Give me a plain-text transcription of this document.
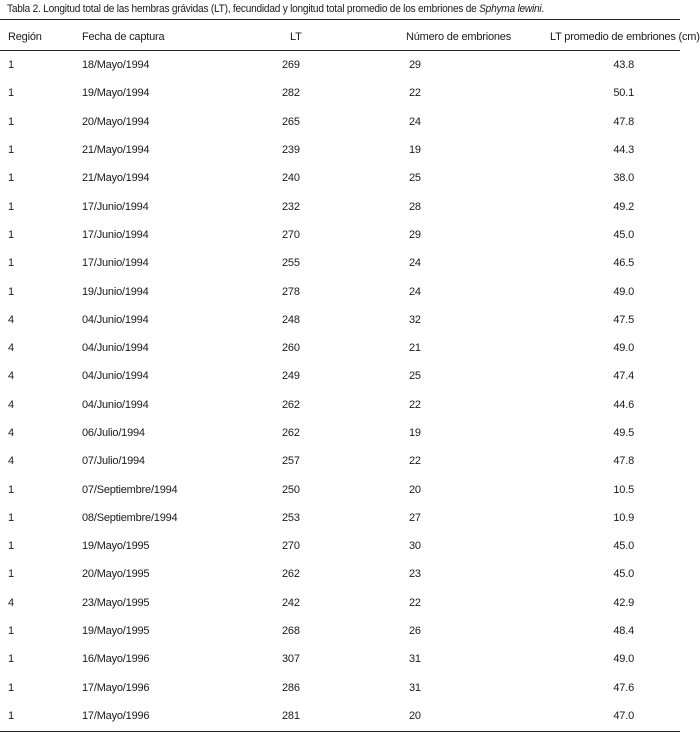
Tabla 2. Longitud total de las hembras grávidas (LT), fecundidad y longitud total promedio de los embriones de Sphyma lewini.
Región	Fecha de captura	LT	Número de embriones	LT promedio de embriones (cm)
1	18/Mayo/1994	269	29	43.8
1	19/Mayo/1994	282	22	50.1
1	20/Mayo/1994	265	24	47.8
1	21/Mayo/1994	239	19	44.3
1	21/Mayo/1994	240	25	38.0
1	17/Junio/1994	232	28	49.2
1	17/Junio/1994	270	29	45.0
1	17/Junio/1994	255	24	46.5
1	19/Junio/1994	278	24	49.0
4	04/Junio/1994	248	32	47.5
4	04/Junio/1994	260	21	49.0
4	04/Junio/1994	249	25	47.4
4	04/Junio/1994	262	22	44.6
4	06/Julio/1994	262	19	49.5
4	07/Julio/1994	257	22	47.8
1	07/Septiembre/1994	250	20	10.5
1	08/Septiembre/1994	253	27	10.9
1	19/Mayo/1995	270	30	45.0
1	20/Mayo/1995	262	23	45.0
4	23/Mayo/1995	242	22	42.9
1	19/Mayo/1995	268	26	48.4
1	16/Mayo/1996	307	31	49.0
1	17/Mayo/1996	286	31	47.6
1	17/Mayo/1996	281	20	47.0
